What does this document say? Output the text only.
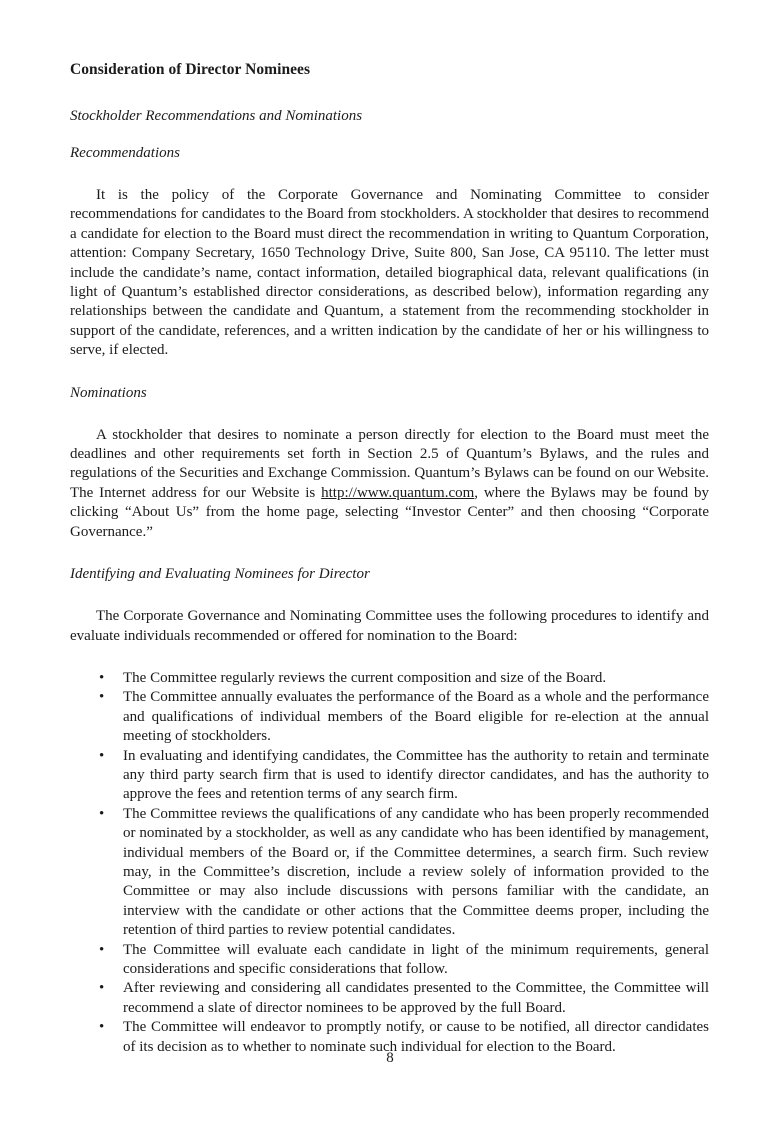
Consideration of Director Nominees
Stockholder Recommendations and Nominations
Recommendations

It is the policy of the Corporate Governance and Nominating Committee to consider recommendations for candidates to the Board from stockholders. A stockholder that desires to recommend a candidate for election to the Board must direct the recommendation in writing to Quantum Corporation, attention: Company Secretary, 1650 Technology Drive, Suite 800, San Jose, CA 95110. The letter must include the candidate’s name, contact information, detailed biographical data, relevant qualifications (in light of Quantum’s established director considerations, as described below), information regarding any relationships between the candidate and Quantum, a statement from the recommending stockholder in support of the candidate, references, and a written indication by the candidate of her or his willingness to serve, if elected.

Nominations

A stockholder that desires to nominate a person directly for election to the Board must meet the deadlines and other requirements set forth in Section 2.5 of Quantum’s Bylaws, and the rules and regulations of the Securities and Exchange Commission. Quantum’s Bylaws can be found on our Website. The Internet address for our Website is http://www.quantum.com, where the Bylaws may be found by clicking “About Us” from the home page, selecting “Investor Center” and then choosing “Corporate Governance.”

Identifying and Evaluating Nominees for Director

The Corporate Governance and Nominating Committee uses the following procedures to identify and evaluate individuals recommended or offered for nomination to the Board:

• The Committee regularly reviews the current composition and size of the Board.
• The Committee annually evaluates the performance of the Board as a whole and the performance and qualifications of individual members of the Board eligible for re-election at the annual meeting of stockholders.
• In evaluating and identifying candidates, the Committee has the authority to retain and terminate any third party search firm that is used to identify director candidates, and has the authority to approve the fees and retention terms of any search firm.
• The Committee reviews the qualifications of any candidate who has been properly recommended or nominated by a stockholder, as well as any candidate who has been identified by management, individual members of the Board or, if the Committee determines, a search firm. Such review may, in the Committee’s discretion, include a review solely of information provided to the Committee or may also include discussions with persons familiar with the candidate, an interview with the candidate or other actions that the Committee deems proper, including the retention of third parties to review potential candidates.
• The Committee will evaluate each candidate in light of the minimum requirements, general considerations and specific considerations that follow.
• After reviewing and considering all candidates presented to the Committee, the Committee will recommend a slate of director nominees to be approved by the full Board.
• The Committee will endeavor to promptly notify, or cause to be notified, all director candidates of its decision as to whether to nominate such individual for election to the Board.
8
